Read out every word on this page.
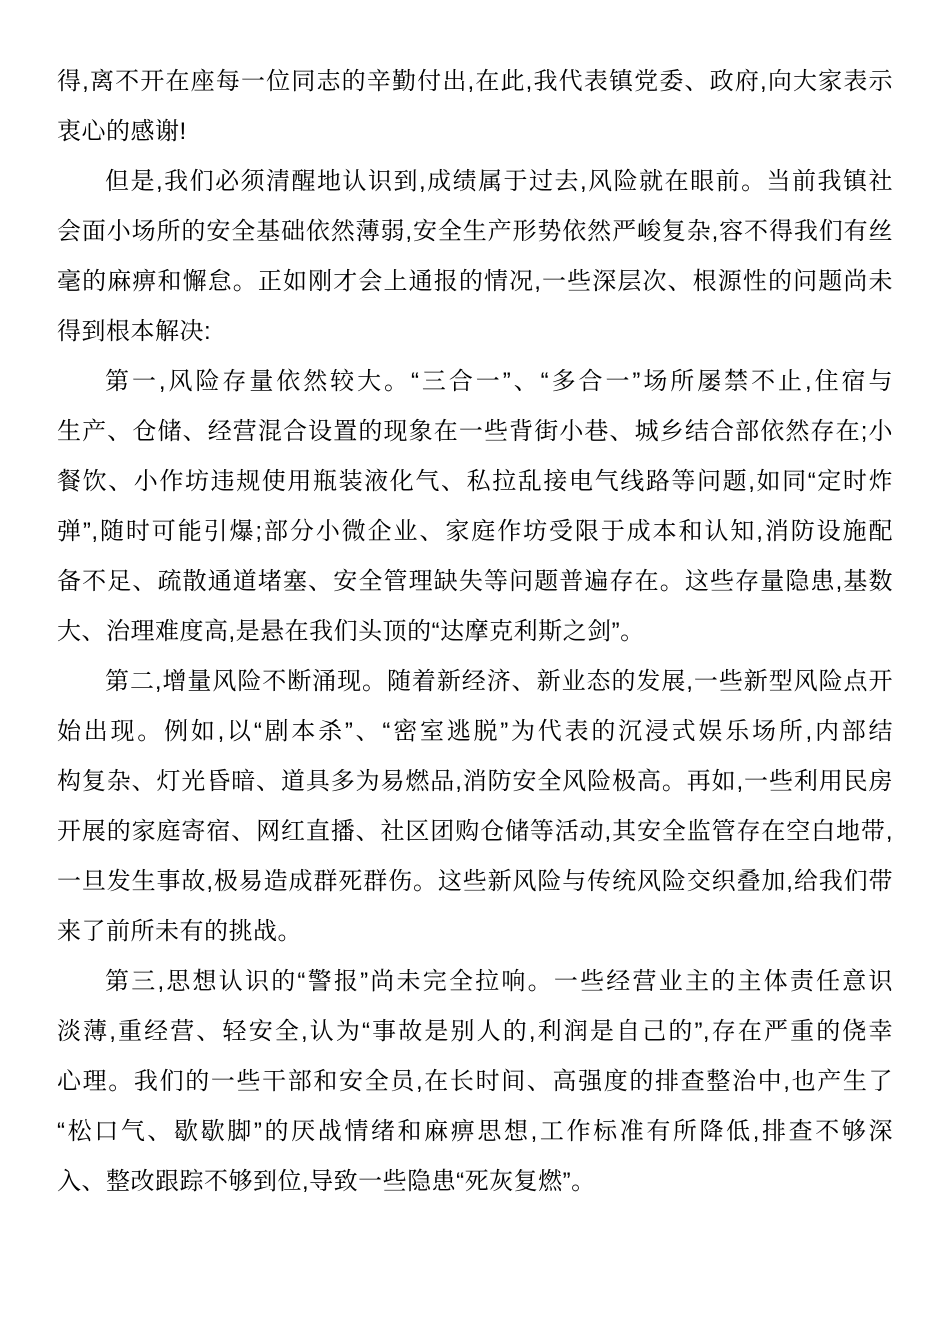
得,离不开在座每一位同志的辛勤付出,在此,我代表镇党委、政府,向大家表示
衷心的感谢!
但是,我们必须清醒地认识到,成绩属于过去,风险就在眼前。当前我镇社
会面小场所的安全基础依然薄弱,安全生产形势依然严峻复杂,容不得我们有丝
毫的麻痹和懈怠。正如刚才会上通报的情况,一些深层次、根源性的问题尚未
得到根本解决:
第一,风险存量依然较大。“三合一”、“多合一”场所屡禁不止,住宿与
生产、仓储、经营混合设置的现象在一些背街小巷、城乡结合部依然存在;小
餐饮、小作坊违规使用瓶装液化气、私拉乱接电气线路等问题,如同“定时炸
弹”,随时可能引爆;部分小微企业、家庭作坊受限于成本和认知,消防设施配
备不足、疏散通道堵塞、安全管理缺失等问题普遍存在。这些存量隐患,基数
大、治理难度高,是悬在我们头顶的“达摩克利斯之剑”。
第二,增量风险不断涌现。随着新经济、新业态的发展,一些新型风险点开
始出现。例如,以“剧本杀”、“密室逃脱”为代表的沉浸式娱乐场所,内部结
构复杂、灯光昏暗、道具多为易燃品,消防安全风险极高。再如,一些利用民房
开展的家庭寄宿、网红直播、社区团购仓储等活动,其安全监管存在空白地带,
一旦发生事故,极易造成群死群伤。这些新风险与传统风险交织叠加,给我们带
来了前所未有的挑战。
第三,思想认识的“警报”尚未完全拉响。一些经营业主的主体责任意识
淡薄,重经营、轻安全,认为“事故是别人的,利润是自己的”,存在严重的侥幸
心理。我们的一些干部和安全员,在长时间、高强度的排查整治中,也产生了
“松口气、歇歇脚”的厌战情绪和麻痹思想,工作标准有所降低,排查不够深
入、整改跟踪不够到位,导致一些隐患“死灰复燃”。
